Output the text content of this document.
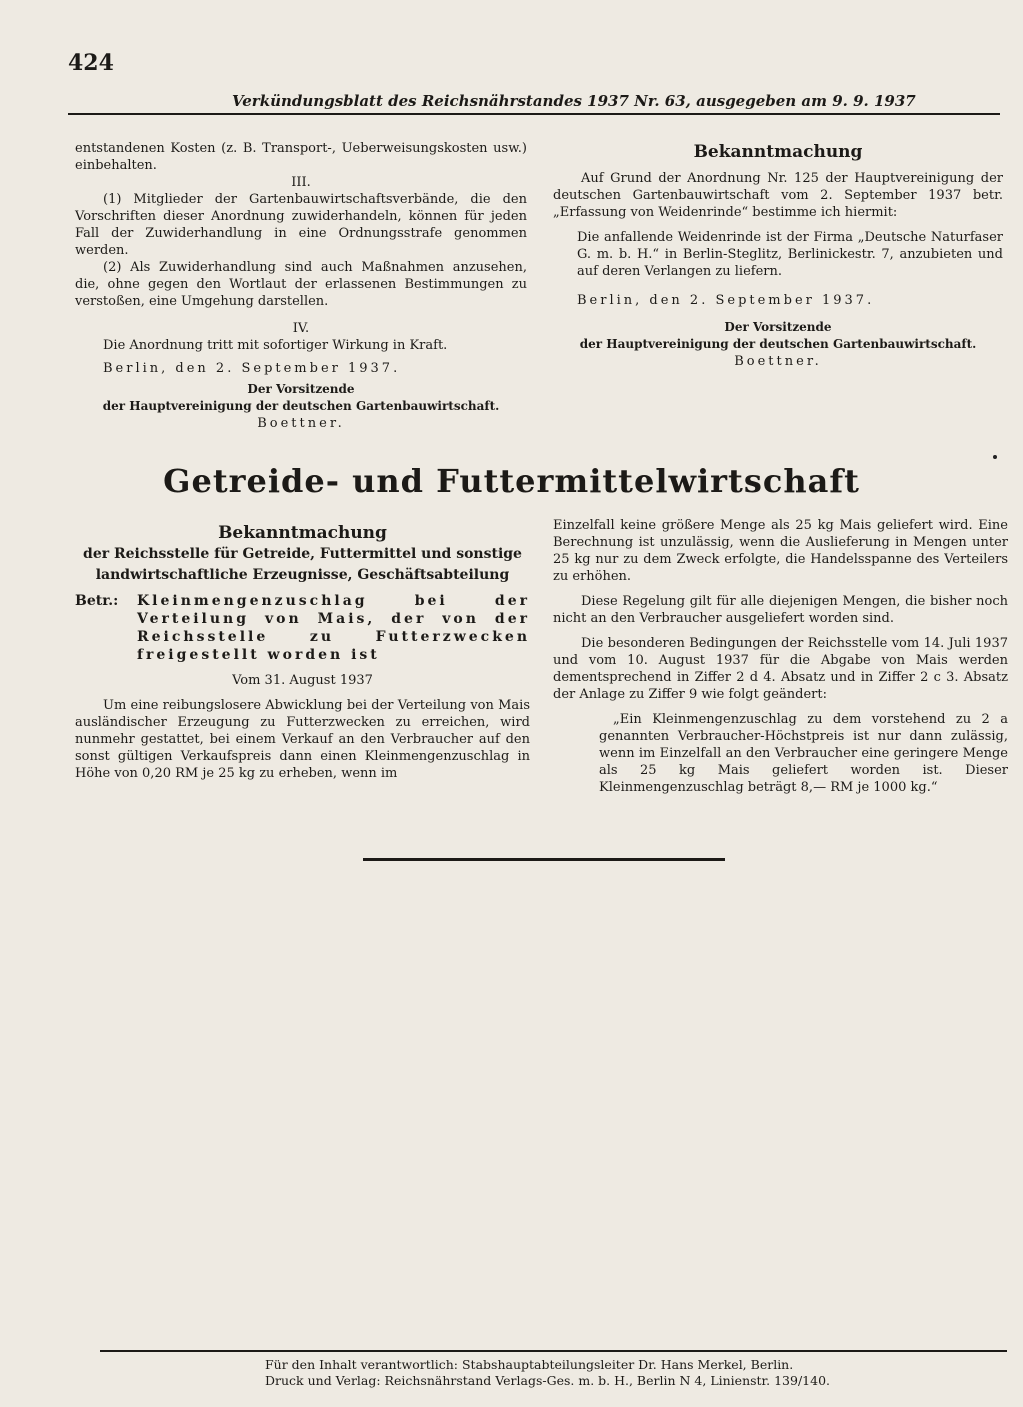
424
Verkündungsblatt des Reichsnährstandes 1937 Nr. 63, ausgegeben am 9. 9. 1937

entstandenen Kosten (z. B. Transport-, Ueberweisungskosten usw.) einbehalten.

III.

(1) Mitglieder der Gartenbauwirtschaftsverbände, die den Vorschriften dieser Anordnung zuwiderhandeln, können für jeden Fall der Zuwiderhandlung in eine Ordnungsstrafe genommen werden.

(2) Als Zuwiderhandlung sind auch Maßnahmen anzusehen, die, ohne gegen den Wortlaut der erlassenen Bestimmungen zu verstoßen, eine Umgehung darstellen.

IV.

Die Anordnung tritt mit sofortiger Wirkung in Kraft.

Berlin, den 2. September 1937.

Der Vorsitzende

der Hauptvereinigung der deutschen Gartenbauwirtschaft.

Boettner.

Bekanntmachung

Auf Grund der Anordnung Nr. 125 der Hauptvereinigung der deutschen Gartenbauwirtschaft vom 2. September 1937 betr. „Erfassung von Weidenrinde“ bestimme ich hiermit:

Die anfallende Weidenrinde ist der Firma „Deutsche Naturfaser G. m. b. H.“ in Berlin-Steglitz, Berlinickestr. 7, anzubieten und auf deren Verlangen zu liefern.

Berlin, den 2. September 1937.

Der Vorsitzende

der Hauptvereinigung der deutschen Gartenbauwirtschaft.

Boettner.

Getreide- und Futtermittelwirtschaft

Bekanntmachung

der Reichsstelle für Getreide, Futtermittel und sonstige

landwirtschaftliche Erzeugnisse, Geschäftsabteilung

Betr.:	Kleinmengenzuschlag bei der Verteilung von Mais, der von der Reichsstelle zu Futterzwecken freigestellt worden ist

Vom 31. August 1937

Um eine reibungslosere Abwicklung bei der Verteilung von Mais ausländischer Erzeugung zu Futterzwecken zu erreichen, wird nunmehr gestattet, bei einem Verkauf an den Verbraucher auf den sonst gültigen Verkaufspreis dann einen Kleinmengenzuschlag in Höhe von 0,20 RM je 25 kg zu erheben, wenn im

Einzelfall keine größere Menge als 25 kg Mais geliefert wird. Eine Berechnung ist unzulässig, wenn die Auslieferung in Mengen unter 25 kg nur zu dem Zweck erfolgte, die Handelsspanne des Verteilers zu erhöhen.

Diese Regelung gilt für alle diejenigen Mengen, die bisher noch nicht an den Verbraucher ausgeliefert worden sind.

Die besonderen Bedingungen der Reichsstelle vom 14. Juli 1937 und vom 10. August 1937 für die Abgabe von Mais werden dementsprechend in Ziffer 2 d 4. Absatz und in Ziffer 2 c 3. Absatz der Anlage zu Ziffer 9 wie folgt geändert:

„Ein Kleinmengenzuschlag zu dem vorstehend zu 2 a genannten Verbraucher-Höchstpreis ist nur dann zulässig, wenn im Einzelfall an den Verbraucher eine geringere Menge als 25 kg Mais geliefert worden ist. Dieser Kleinmengenzuschlag beträgt 8,— RM je 1000 kg.“

Für den Inhalt verantwortlich: Stabshauptabteilungsleiter Dr. Hans Merkel, Berlin.
Druck und Verlag: Reichsnährstand Verlags-Ges. m. b. H., Berlin N 4, Linienstr. 139/140.
